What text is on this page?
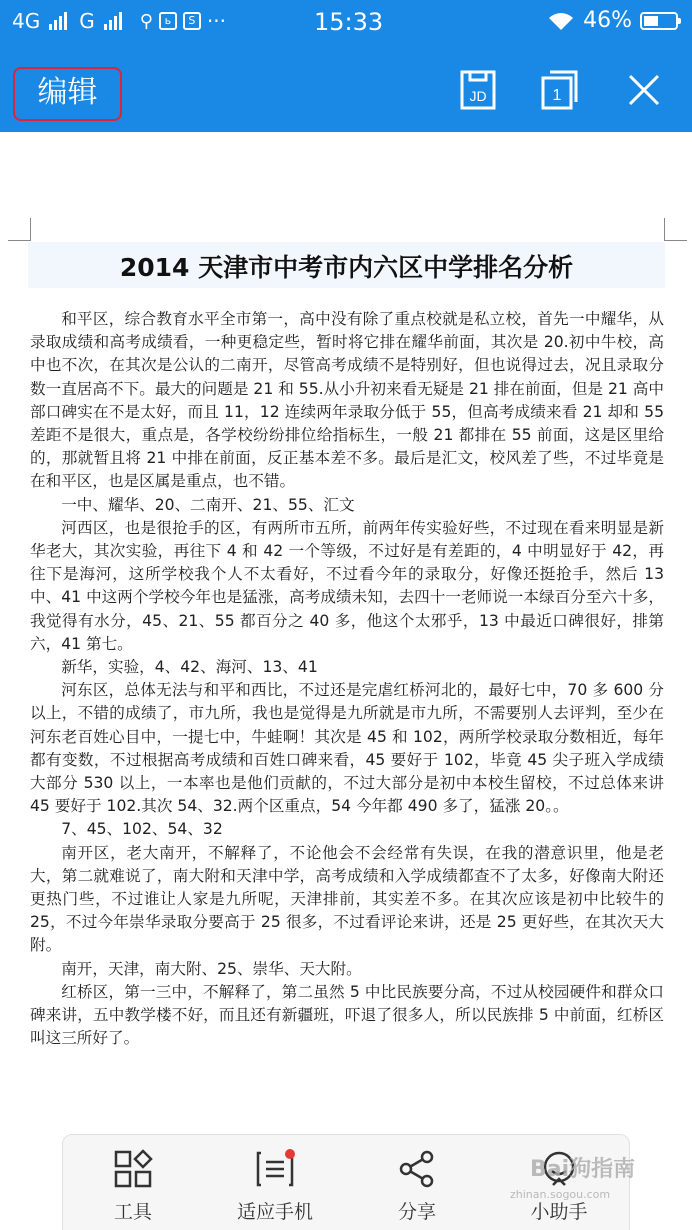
4G G	⚲	ь	S ···	15:33	46%
编辑	JD	1
2014 天津市中考市内六区中学排名分析

和平区，综合教育水平全市第一，高中没有除了重点校就是私立校，首先一中耀华，从录取成绩和高考成绩看，一种更稳定些，暂时将它排在耀华前面，其次是 20.初中牛校，高中也不次，在其次是公认的二南开，尽管高考成绩不是特别好，但也说得过去，况且录取分数一直居高不下。最大的问题是 21 和 55.从小升初来看无疑是 21 排在前面，但是 21 高中部口碑实在不是太好，而且 11，12 连续两年录取分低于 55，但高考成绩来看 21 却和 55 差距不是很大，重点是，各学校纷纷排位给指标生，一般 21 都排在 55 前面，这是区里给的，那就暂且将 21 中排在前面，反正基本差不多。最后是汇文，校风差了些，不过毕竟是在和平区，也是区属是重点，也不错。

一中、耀华、20、二南开、21、55、汇文

河西区，也是很抢手的区，有两所市五所，前两年传实验好些，不过现在看来明显是新华老大，其次实验，再往下 4 和 42 一个等级，不过好是有差距的，4 中明显好于 42，再往下是海河，这所学校我个人不太看好，不过看今年的录取分，好像还挺抢手，然后 13 中、41 中这两个学校今年也是猛涨，高考成绩未知，去四十一老师说一本绿百分至六十多，我觉得有水分，45、21、55 都百分之 40 多，他这个太邪乎，13 中最近口碑很好，排第六，41 第七。

新华，实验，4、42、海河、13、41

河东区，总体无法与和平和西比，不过还是完虐红桥河北的，最好七中，70 多 600 分以上，不错的成绩了，市九所，我也是觉得是九所就是市九所，不需要别人去评判，至少在河东老百姓心目中，一提七中，牛蛙啊！其次是 45 和 102，两所学校录取分数相近，每年都有变数，不过根据高考成绩和百姓口碑来看，45 要好于 102，毕竟 45 尖子班入学成绩大部分 530 以上，一本率也是他们贡献的，不过大部分是初中本校生留校，不过总体来讲 45 要好于 102.其次 54、32.两个区重点，54 今年都 490 多了，猛涨 20。。

7、45、102、54、32

南开区，老大南开，不解释了，不论他会不会经常有失误，在我的潜意识里，他是老大，第二就难说了，南大附和天津中学，高考成绩和入学成绩都查不了太多，好像南大附还更热门些，不过谁让人家是九所呢，天津排前，其实差不多。在其次应该是初中比较牛的 25，不过今年崇华录取分要高于 25 很多，不过看评论来讲，还是 25 更好些，在其次天大附。

南开，天津，南大附、25、崇华、天大附。

红桥区，第一三中，不解释了，第二虽然 5 中比民族要分高，不过从校园硬件和群众口碑来讲，五中教学楼不好，而且还有新疆班，吓退了很多人，所以民族排 5 中前面，红桥区叫这三所好了。

工具	适应手机	分享	小助手
Bai狗指南
zhinan.sogou.com
